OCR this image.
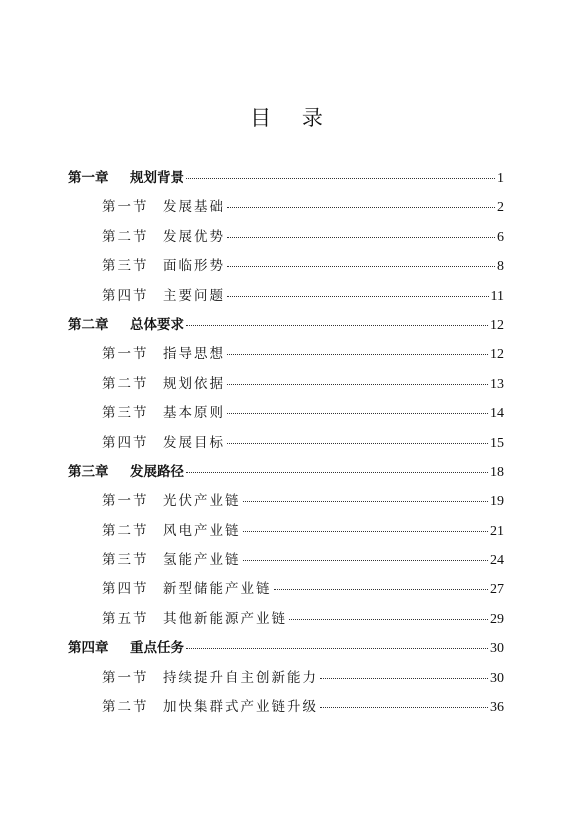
目 录
第一章	规划背景	1
第一节	发展基础	2
第二节	发展优势	6
第三节	面临形势	8
第四节	主要问题	11
第二章	总体要求	12
第一节	指导思想	12
第二节	规划依据	13
第三节	基本原则	14
第四节	发展目标	15
第三章	发展路径	18
第一节	光伏产业链	19
第二节	风电产业链	21
第三节	氢能产业链	24
第四节	新型储能产业链	27
第五节	其他新能源产业链	29
第四章	重点任务	30
第一节	持续提升自主创新能力	30
第二节	加快集群式产业链升级	36
